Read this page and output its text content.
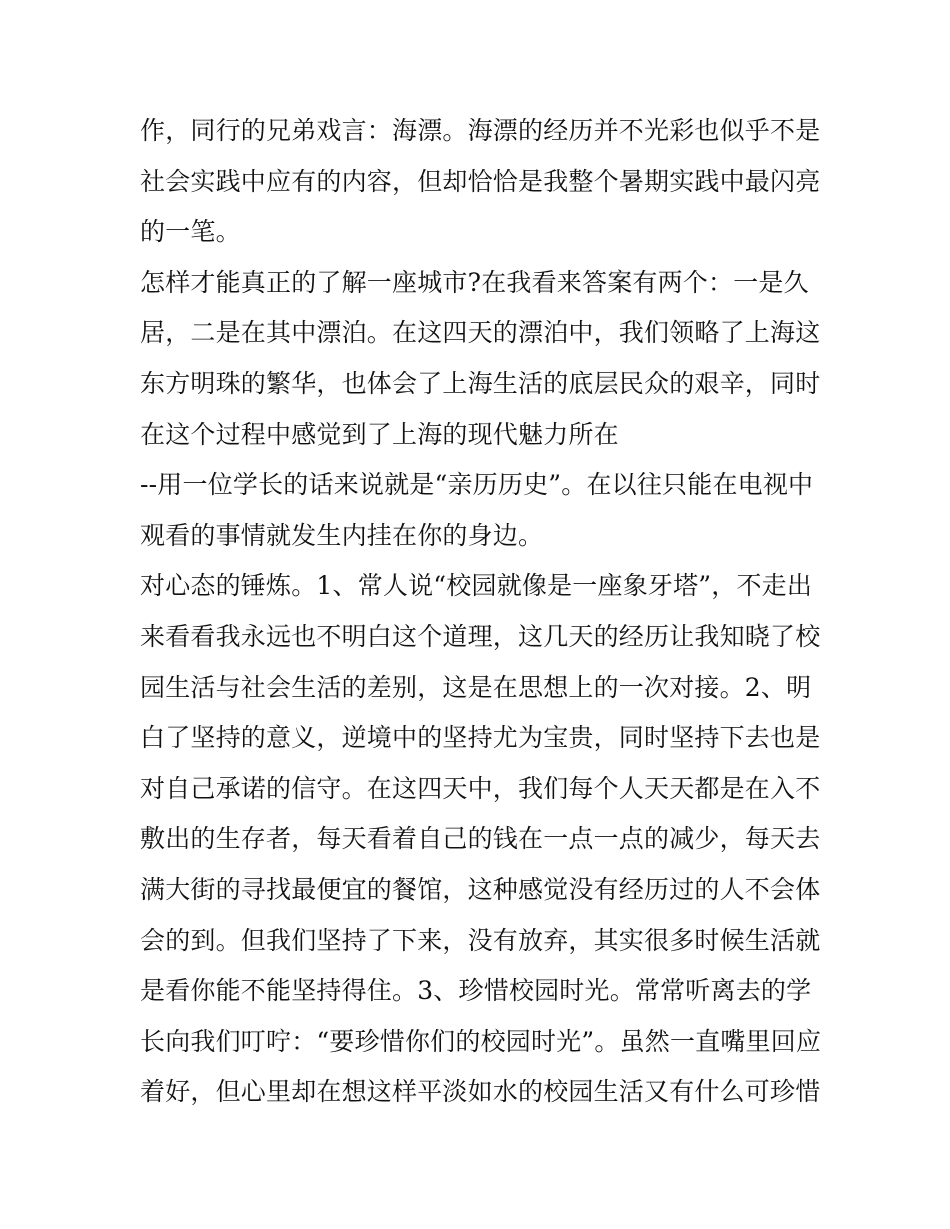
作，同行的兄弟戏言：海漂。海漂的经历并不光彩也似乎不是
社会实践中应有的内容，但却恰恰是我整个暑期实践中最闪亮
的一笔。
怎样才能真正的了解一座城市?在我看来答案有两个：一是久
居，二是在其中漂泊。在这四天的漂泊中，我们领略了上海这
东方明珠的繁华，也体会了上海生活的底层民众的艰辛，同时
在这个过程中感觉到了上海的现代魅力所在
--用一位学长的话来说就是“亲历历史”。在以往只能在电视中
观看的事情就发生内挂在你的身边。
对心态的锤炼。1、常人说“校园就像是一座象牙塔”，不走出
来看看我永远也不明白这个道理，这几天的经历让我知晓了校
园生活与社会生活的差别，这是在思想上的一次对接。2、明
白了坚持的意义，逆境中的坚持尤为宝贵，同时坚持下去也是
对自己承诺的信守。在这四天中，我们每个人天天都是在入不
敷出的生存者，每天看着自己的钱在一点一点的减少，每天去
满大街的寻找最便宜的餐馆，这种感觉没有经历过的人不会体
会的到。但我们坚持了下来，没有放弃，其实很多时候生活就
是看你能不能坚持得住。3、珍惜校园时光。常常听离去的学
长向我们叮咛：“要珍惜你们的校园时光”。虽然一直嘴里回应
着好，但心里却在想这样平淡如水的校园生活又有什么可珍惜
